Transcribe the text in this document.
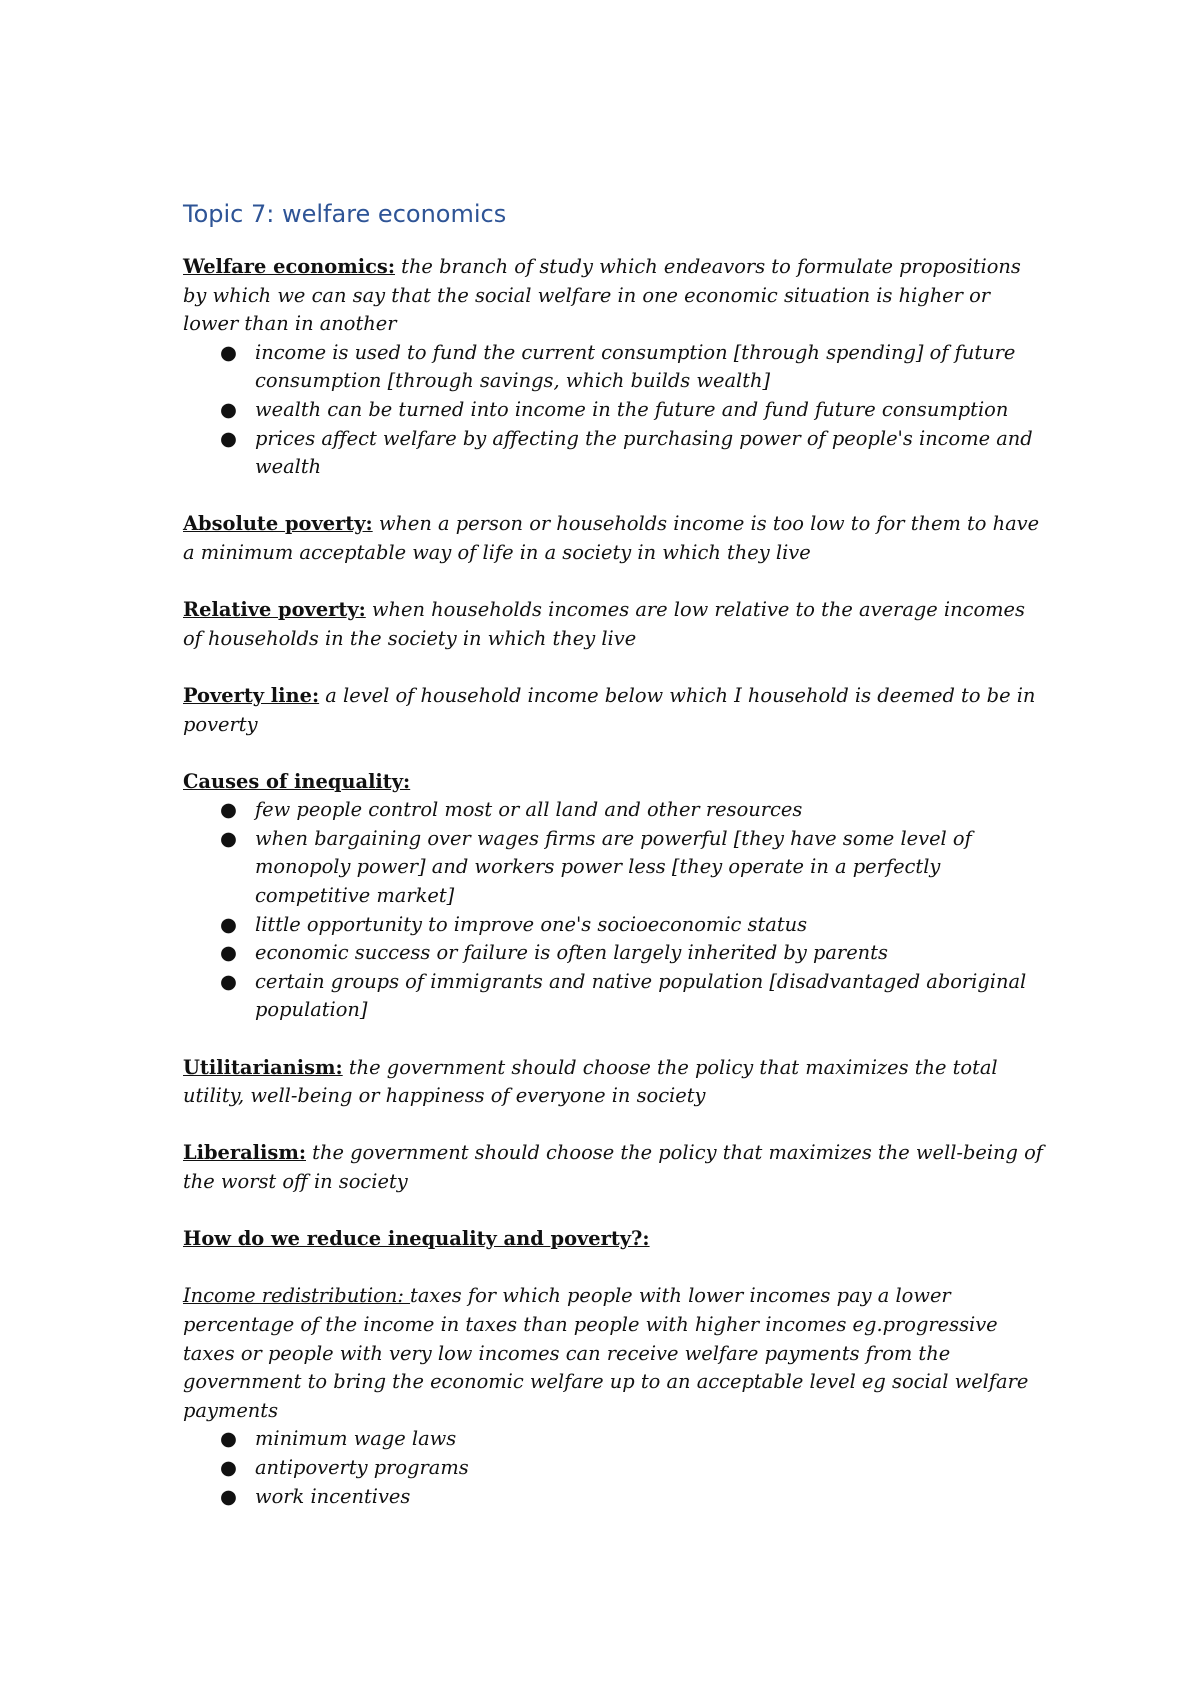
Topic 7: welfare economics

Welfare economics: the branch of study which endeavors to formulate propositions by which we can say that the social welfare in one economic situation is higher or lower than in another

● income is used to fund the current consumption [through spending] of future consumption [through savings, which builds wealth]
● wealth can be turned into income in the future and fund future consumption
● prices affect welfare by affecting the purchasing power of people's income and wealth

Absolute poverty: when a person or households income is too low to for them to have a minimum acceptable way of life in a society in which they live

Relative poverty: when households incomes are low relative to the average incomes of households in the society in which they live

Poverty line: a level of household income below which I household is deemed to be in poverty

Causes of inequality:

● few people control most or all land and other resources
● when bargaining over wages firms are powerful [they have some level of monopoly power] and workers power less [they operate in a perfectly competitive market]
● little opportunity to improve one's socioeconomic status
● economic success or failure is often largely inherited by parents
● certain groups of immigrants and native population [disadvantaged aboriginal population]

Utilitarianism: the government should choose the policy that maximizes the total utility, well-being or happiness of everyone in society

Liberalism: the government should choose the policy that maximizes the well-being of the worst off in society

How do we reduce inequality and poverty?:

Income redistribution: taxes for which people with lower incomes pay a lower percentage of the income in taxes than people with higher incomes eg.progressive taxes or people with very low incomes can receive welfare payments from the government to bring the economic welfare up to an acceptable level eg social welfare payments

● minimum wage laws
● antipoverty programs
● work incentives
